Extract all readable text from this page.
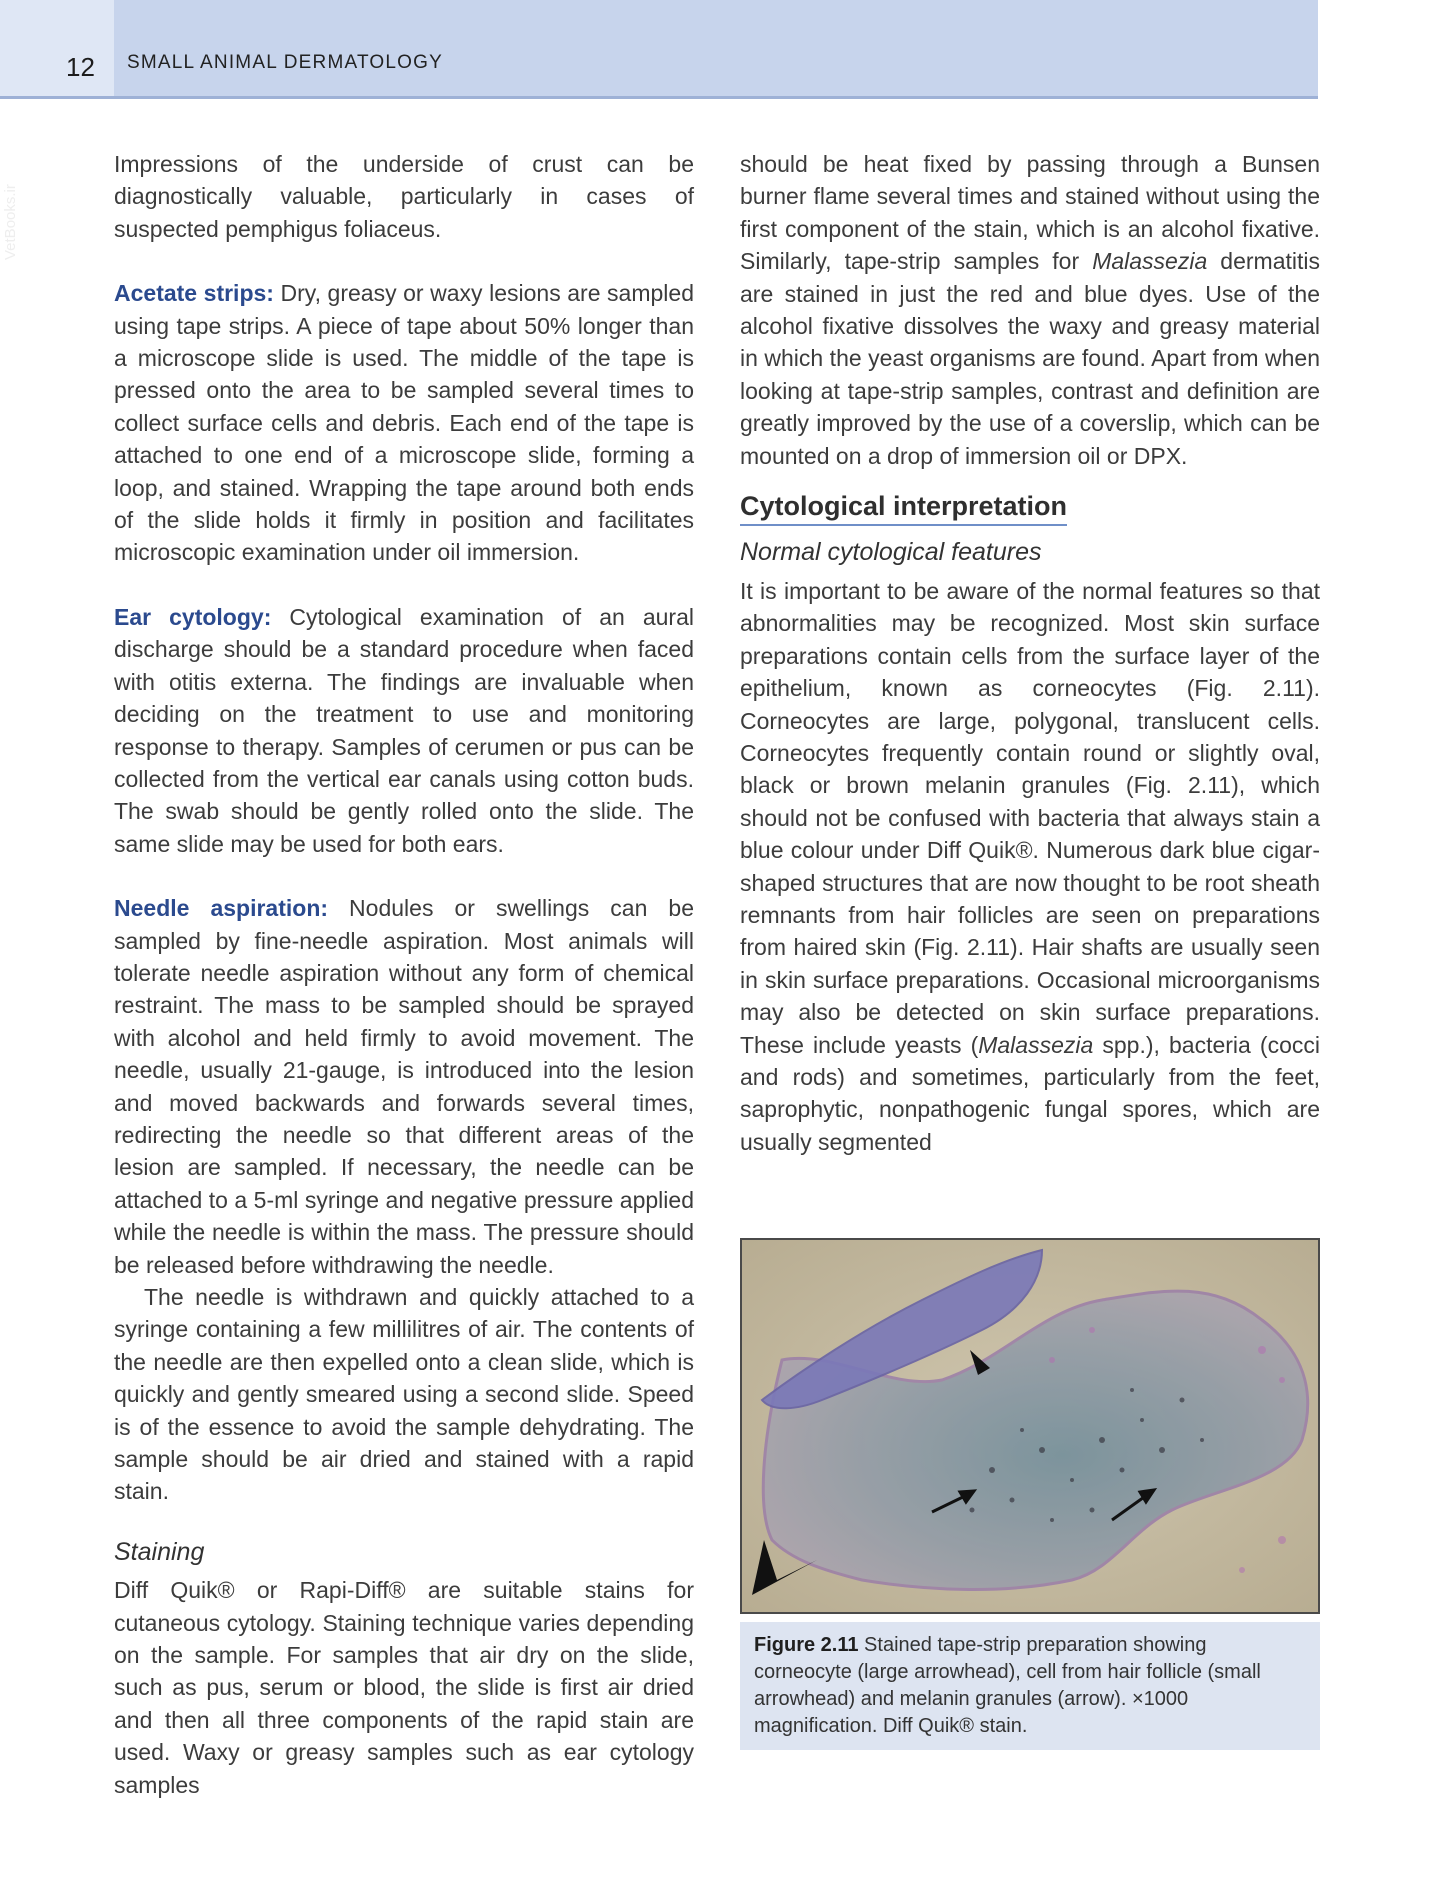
12 SMALL ANIMAL DERMATOLOGY
VetBooks.ir

Impressions of the underside of crust can be diagnostically valuable, particularly in cases of suspected pemphigus foliaceus.

Acetate strips: Dry, greasy or waxy lesions are sampled using tape strips. A piece of tape about 50% longer than a microscope slide is used. The middle of the tape is pressed onto the area to be sampled several times to collect surface cells and debris. Each end of the tape is attached to one end of a microscope slide, forming a loop, and stained. Wrapping the tape around both ends of the slide holds it firmly in position and facilitates microscopic examination under oil immersion.

Ear cytology: Cytological examination of an aural discharge should be a standard procedure when faced with otitis externa. The findings are invaluable when deciding on the treatment to use and monitoring response to therapy. Samples of cerumen or pus can be collected from the vertical ear canals using cotton buds. The swab should be gently rolled onto the slide. The same slide may be used for both ears.

Needle aspiration: Nodules or swellings can be sampled by fine-needle aspiration. Most animals will tolerate needle aspiration without any form of chemical restraint. The mass to be sampled should be sprayed with alcohol and held firmly to avoid movement. The needle, usually 21-gauge, is introduced into the lesion and moved backwards and forwards several times, redirecting the needle so that different areas of the lesion are sampled. If necessary, the needle can be attached to a 5-ml syringe and negative pressure applied while the needle is within the mass. The pressure should be released before withdrawing the needle.

The needle is withdrawn and quickly attached to a syringe containing a few millilitres of air. The contents of the needle are then expelled onto a clean slide, which is quickly and gently smeared using a second slide. Speed is of the essence to avoid the sample dehydrating. The sample should be air dried and stained with a rapid stain.

Staining

Diff Quik® or Rapi-Diff® are suitable stains for cutaneous cytology. Staining technique varies depending on the sample. For samples that air dry on the slide, such as pus, serum or blood, the slide is first air dried and then all three components of the rapid stain are used. Waxy or greasy samples such as ear cytology samples

should be heat fixed by passing through a Bunsen burner flame several times and stained without using the first component of the stain, which is an alcohol fixative. Similarly, tape-strip samples for Malassezia dermatitis are stained in just the red and blue dyes. Use of the alcohol fixative dissolves the waxy and greasy material in which the yeast organisms are found. Apart from when looking at tape-strip samples, contrast and definition are greatly improved by the use of a coverslip, which can be mounted on a drop of immersion oil or DPX.

Cytological interpretation
Normal cytological features

It is important to be aware of the normal features so that abnormalities may be recognized. Most skin surface preparations contain cells from the surface layer of the epithelium, known as corneocytes (Fig. 2.11). Corneocytes are large, polygonal, translucent cells. Corneocytes frequently contain round or slightly oval, black or brown melanin granules (Fig. 2.11), which should not be confused with bacteria that always stain a blue colour under Diff Quik®. Numerous dark blue cigar-shaped structures that are now thought to be root sheath remnants from hair follicles are seen on preparations from haired skin (Fig. 2.11). Hair shafts are usually seen in skin surface preparations. Occasional microorganisms may also be detected on skin surface preparations. These include yeasts (Malassezia spp.), bacteria (cocci and rods) and sometimes, particularly from the feet, saprophytic, nonpathogenic fungal spores, which are usually segmented

Figure 2.11 Stained tape-strip preparation showing corneocyte (large arrowhead), cell from hair follicle (small arrowhead) and melanin granules (arrow). ×1000 magnification. Diff Quik® stain.
